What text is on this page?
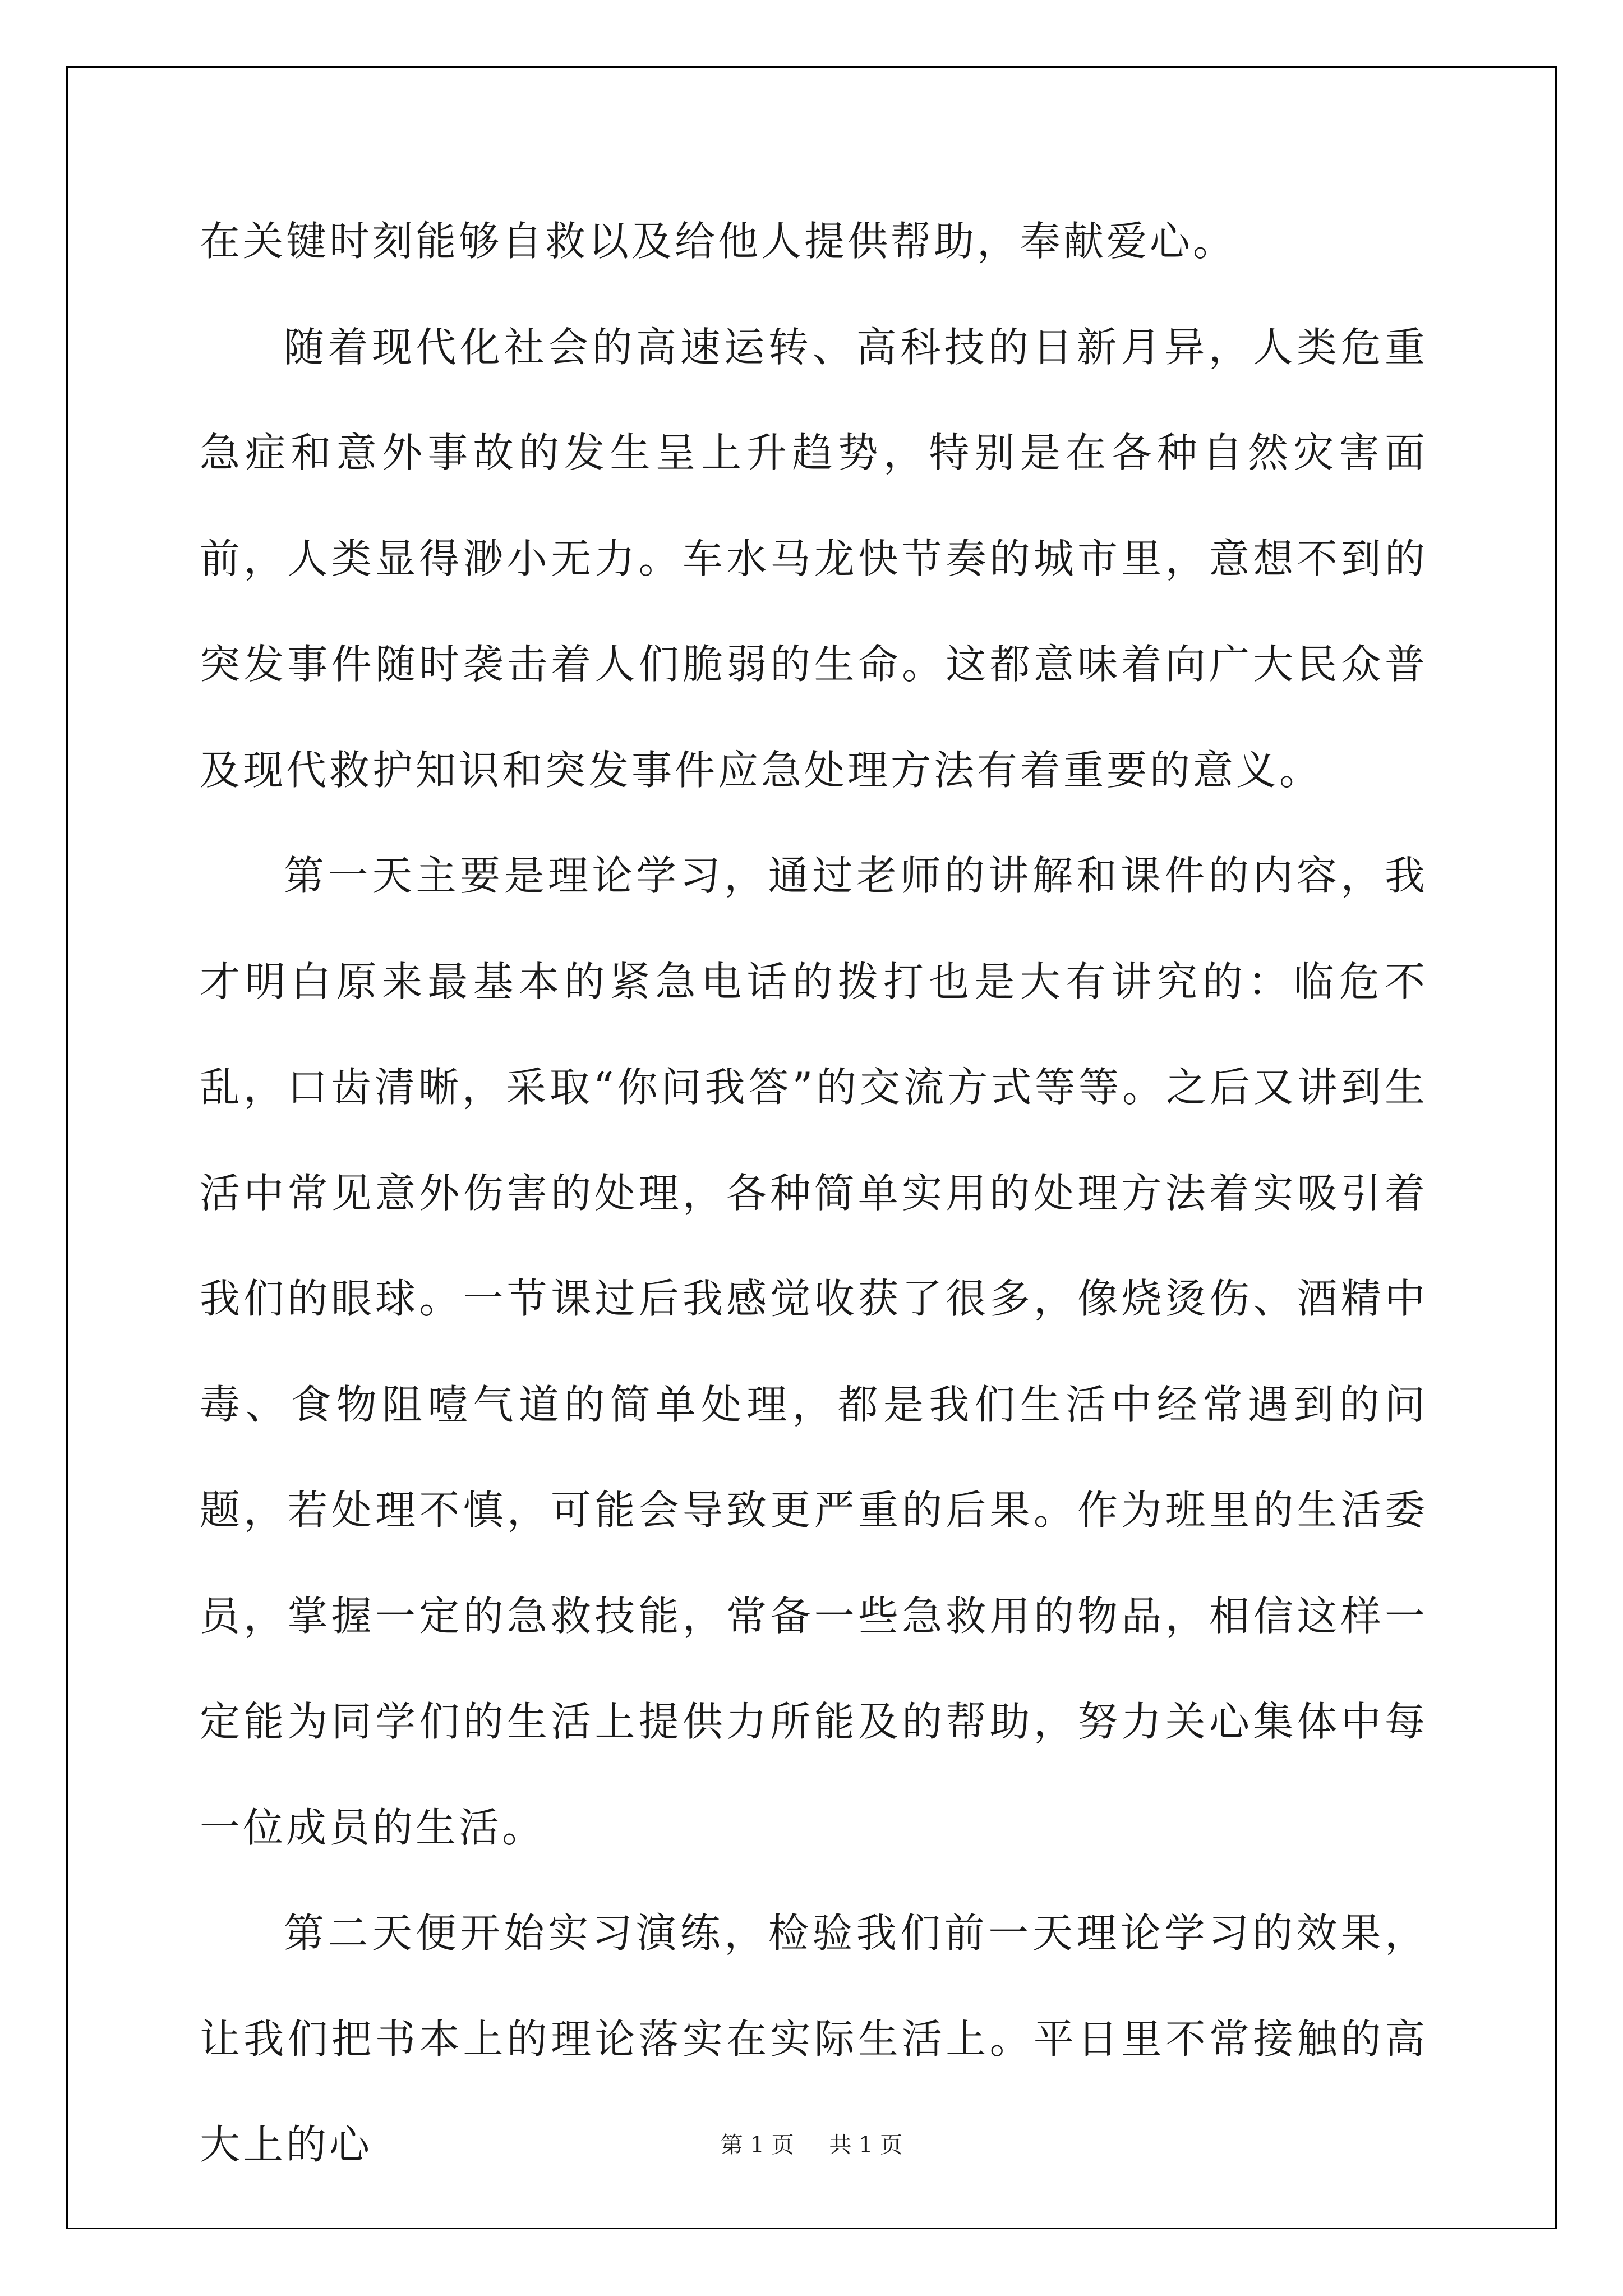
在关键时刻能够自救以及给他人提供帮助，奉献爱心。

随着现代化社会的高速运转、高科技的日新月异，人类危重急症和意外事故的发生呈上升趋势，特别是在各种自然灾害面前，人类显得渺小无力。车水马龙快节奏的城市里，意想不到的突发事件随时袭击着人们脆弱的生命。这都意味着向广大民众普及现代救护知识和突发事件应急处理方法有着重要的意义。

第一天主要是理论学习，通过老师的讲解和课件的内容，我才明白原来最基本的紧急电话的拨打也是大有讲究的：临危不乱，口齿清晰，采取“你问我答”的交流方式等等。之后又讲到生活中常见意外伤害的处理，各种简单实用的处理方法着实吸引着我们的眼球。一节课过后我感觉收获了很多，像烧烫伤、酒精中毒、食物阻噎气道的简单处理，都是我们生活中经常遇到的问题，若处理不慎，可能会导致更严重的后果。作为班里的生活委员，掌握一定的急救技能，常备一些急救用的物品，相信这样一定能为同学们的生活上提供力所能及的帮助，努力关心集体中每一位成员的生活。

第二天便开始实习演练，检验我们前一天理论学习的效果，让我们把书本上的理论落实在实际生活上。平日里不常接触的高大上的心	第 1 页 共 1 页
